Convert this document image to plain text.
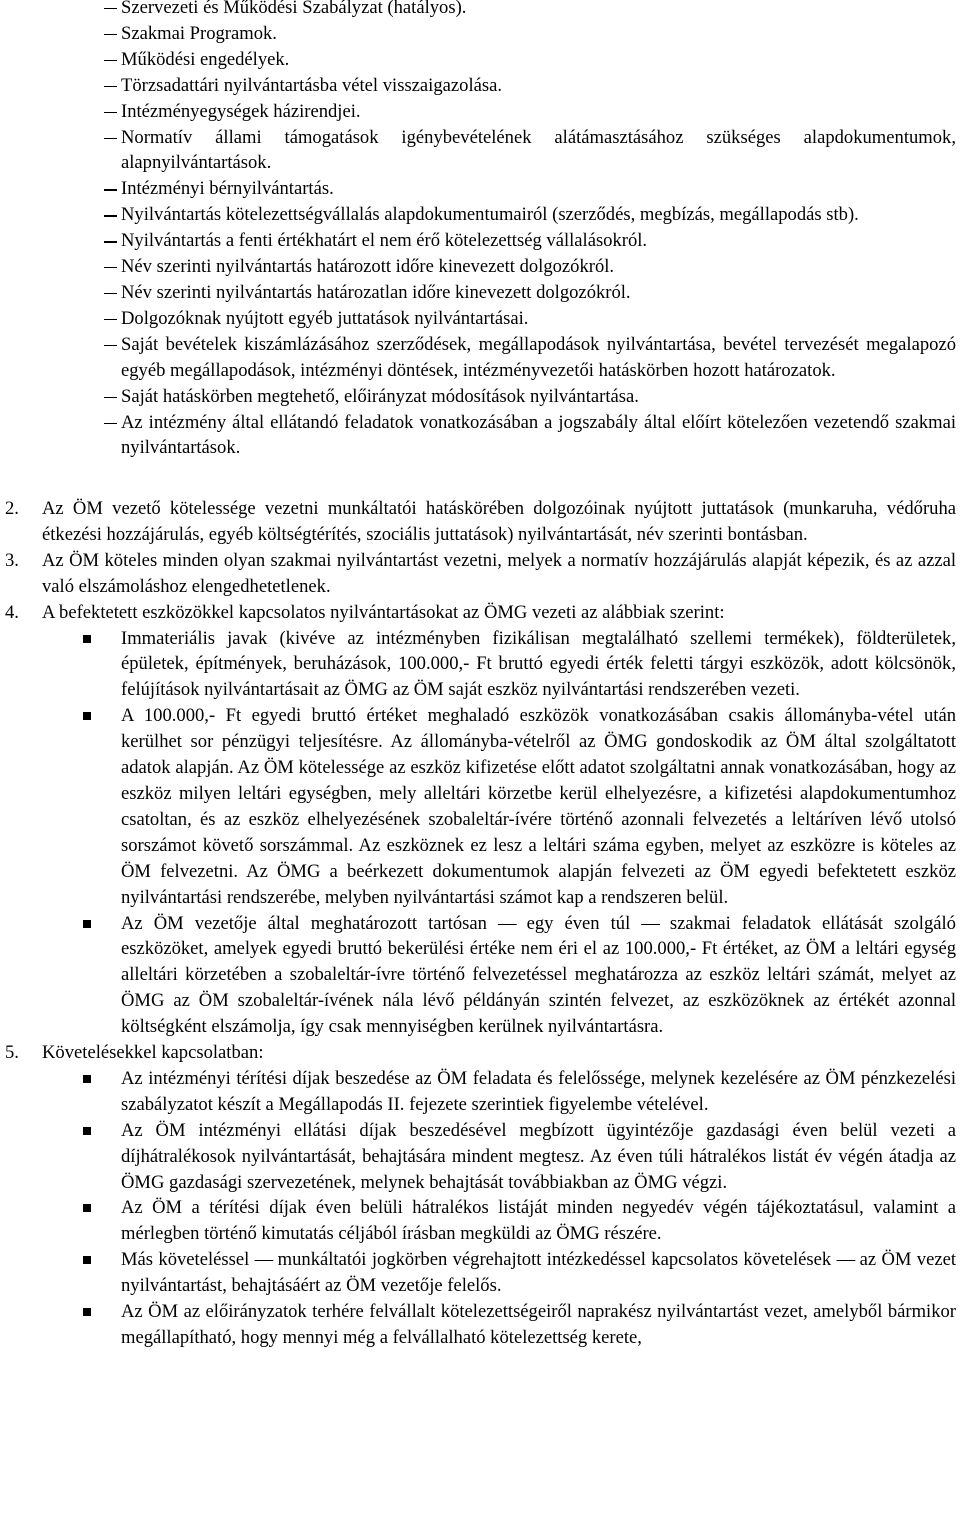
Szervezeti és Működési Szabályzat (hatályos).
Szakmai Programok.
Működési engedélyek.
Törzsadattári nyilvántartásba vétel visszaigazolása.
Intézményegységek házirendjei.
Normatív állami támogatások igénybevételének alátámasztásához szükséges alapdokumentumok, alapnyilvántartások.
Intézményi bérnyilvántartás.
Nyilvántartás kötelezettségvállalás alapdokumentumairól (szerződés, megbízás, megállapodás stb).
Nyilvántartás a fenti értékhatárt el nem érő kötelezettség vállalásokról.
Név szerinti nyilvántartás határozott időre kinevezett dolgozókról.
Név szerinti nyilvántartás határozatlan időre kinevezett dolgozókról.
Dolgozóknak nyújtott egyéb juttatások nyilvántartásai.
Saját bevételek kiszámlázásához szerződések, megállapodások nyilvántartása, bevétel tervezését megalapozó egyéb megállapodások, intézményi döntések, intézményvezetői hatáskörben hozott határozatok.
Saját hatáskörben megtehető, előirányzat módosítások nyilvántartása.
Az intézmény által ellátandó feladatok vonatkozásában a jogszabály által előírt kötelezően vezetendő szakmai nyilvántartások.
2. Az ÖM vezető kötelessége vezetni munkáltatói hatáskörében dolgozóinak nyújtott juttatások (munkaruha, védőruha étkezési hozzájárulás, egyéb költségtérítés, szociális juttatások) nyilvántartását, név szerinti bontásban.
3. Az ÖM köteles minden olyan szakmai nyilvántartást vezetni, melyek a normatív hozzájárulás alapját képezik, és az azzal való elszámoláshoz elengedhetetlenek.
4. A befektetett eszközökkel kapcsolatos nyilvántartásokat az ÖMG vezeti az alábbiak szerint:
Immateriális javak (kivéve az intézményben fizikálisan megtalálható szellemi termékek), földterületek, épületek, építmények, beruházások, 100.000,- Ft bruttó egyedi érték feletti tárgyi eszközök, adott kölcsönök, felújítások nyilvántartásait az ÖMG az ÖM saját eszköz nyilvántartási rendszerében vezeti.
A 100.000,- Ft egyedi bruttó értéket meghaladó eszközök vonatkozásában csakis állományba-vétel után kerülhet sor pénzügyi teljesítésre. Az állományba-vételről az ÖMG gondoskodik az ÖM által szolgáltatott adatok alapján. Az ÖM kötelessége az eszköz kifizetése előtt adatot szolgáltatni annak vonatkozásában, hogy az eszköz milyen leltári egységben, mely alleltári körzetbe kerül elhelyezésre, a kifizetési alapdokumentumhoz csatoltan, és az eszköz elhelyezésének szobaleltár-ívére történő azonnali felvezetés a leltáríven lévő utolsó sorszámot követő sorszámmal. Az eszköznek ez lesz a leltári száma egyben, melyet az eszközre is köteles az ÖM felvezetni. Az ÖMG a beérkezett dokumentumok alapján felvezeti az ÖM egyedi befektetett eszköz nyilvántartási rendszerébe, melyben nyilvántartási számot kap a rendszeren belül.
Az ÖM vezetője által meghatározott tartósan — egy éven túl — szakmai feladatok ellátását szolgáló eszközöket, amelyek egyedi bruttó bekerülési értéke nem éri el az 100.000,- Ft értéket, az ÖM a leltári egység alleltári körzetében a szobaleltár-ívre történő felvezetéssel meghatározza az eszköz leltári számát, melyet az ÖMG az ÖM szobaleltár-ívének nála lévő példányán szintén felvezet, az eszközöknek az értékét azonnal költségként elszámolja, így csak mennyiségben kerülnek nyilvántartásra.
5. Követelésekkel kapcsolatban:
Az intézményi térítési díjak beszedése az ÖM feladata és felelőssége, melynek kezelésére az ÖM pénzkezelési szabályzatot készít a Megállapodás II. fejezete szerintiek figyelembe vételével.
Az ÖM intézményi ellátási díjak beszedésével megbízott ügyintézője gazdasági éven belül vezeti a díjhátralékosok nyilvántartását, behajtására mindent megtesz. Az éven túli hátralékos listát év végén átadja az ÖMG gazdasági szervezetének, melynek behajtását továbbiakban az ÖMG végzi.
Az ÖM a térítési díjak éven belüli hátralékos listáját minden negyedév végén tájékoztatásul, valamint a mérlegben történő kimutatás céljából írásban megküldi az ÖMG részére.
Más követeléssel — munkáltatói jogkörben végrehajtott intézkedéssel kapcsolatos követelések — az ÖM vezet nyilvántartást, behajtásáért az ÖM vezetője felelős.
Az ÖM az előirányzatok terhére felvállalt kötelezettségeiről naprakész nyilvántartást vezet, amelyből bármikor megállapítható, hogy mennyi még a felvállalható kötelezettség kerete,
